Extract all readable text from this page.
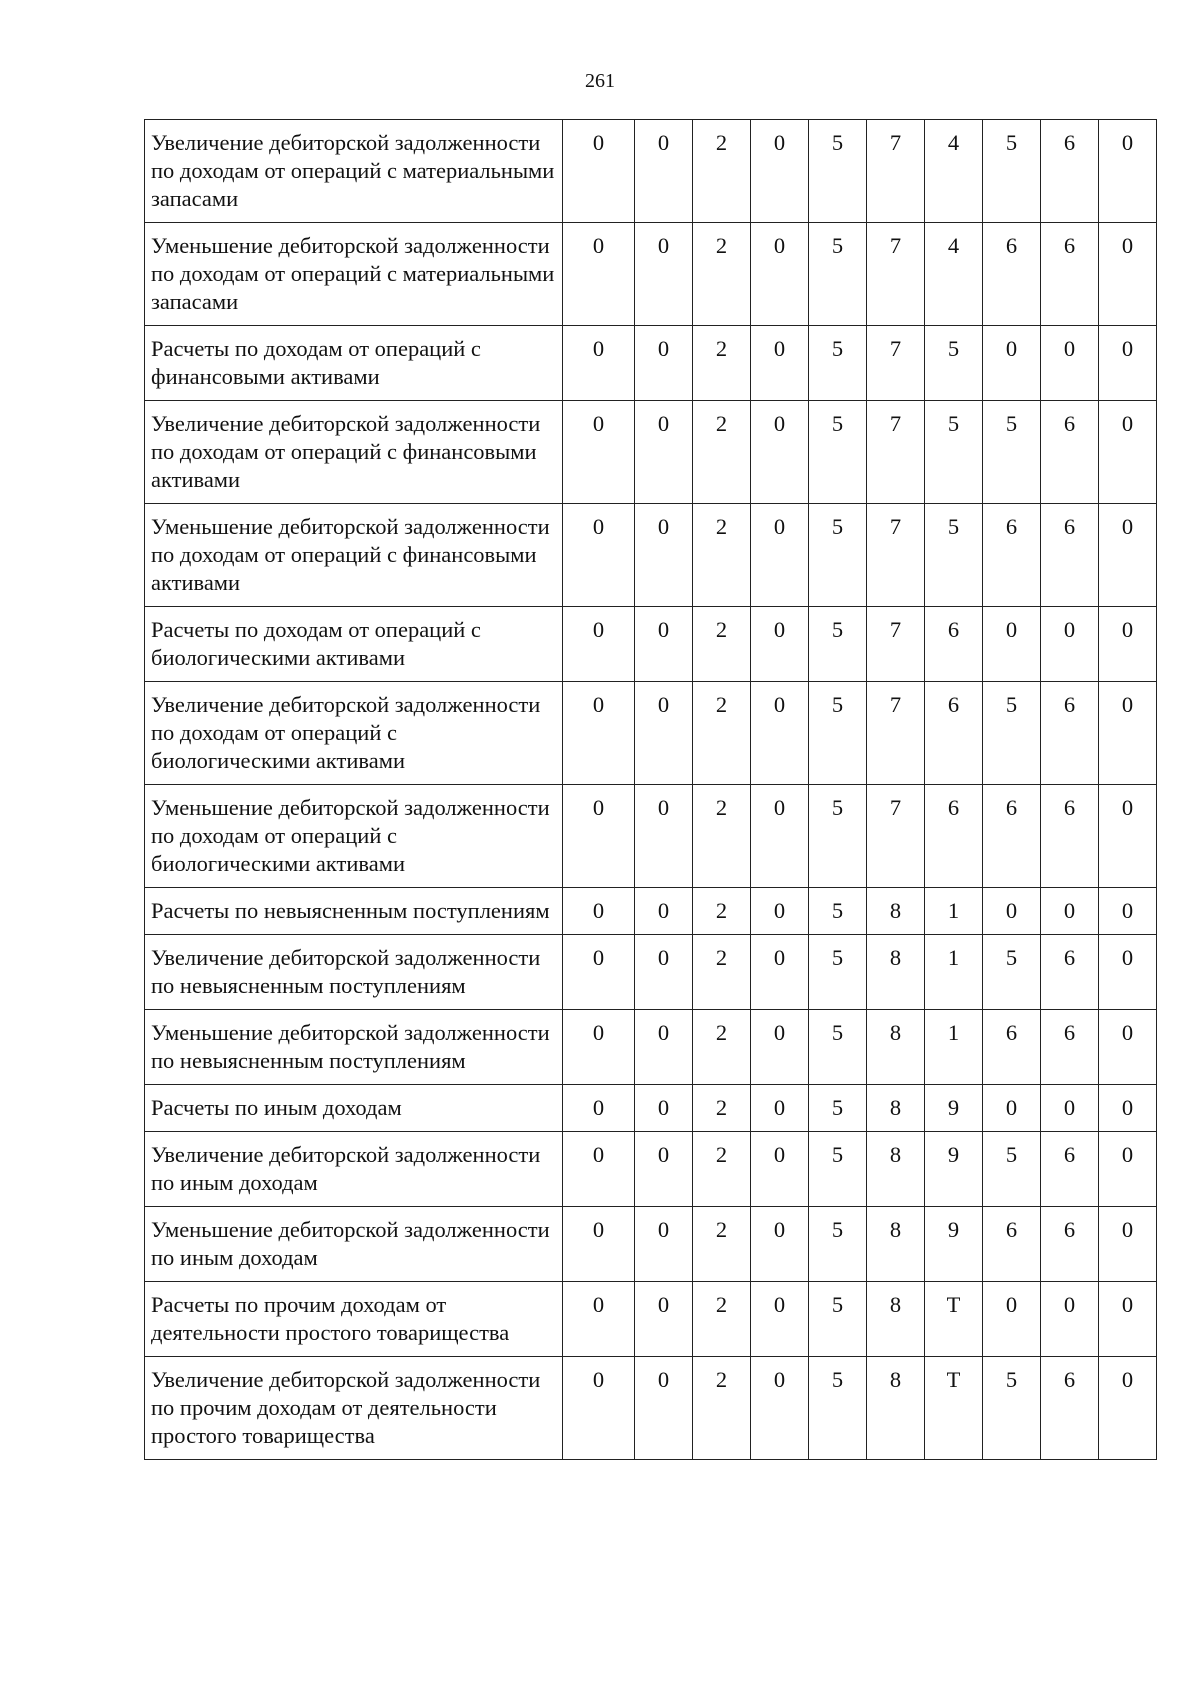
261
Увеличение дебиторской задолженности по доходам от операций с материальными запасами	0	0	2	0	5	7	4	5	6	0
Уменьшение дебиторской задолженности по доходам от операций с материальными запасами	0	0	2	0	5	7	4	6	6	0
Расчеты по доходам от операций с финансовыми активами	0	0	2	0	5	7	5	0	0	0
Увеличение дебиторской задолженности по доходам от операций с финансовыми активами	0	0	2	0	5	7	5	5	6	0
Уменьшение дебиторской задолженности по доходам от операций с финансовыми активами	0	0	2	0	5	7	5	6	6	0
Расчеты по доходам от операций с биологическими активами	0	0	2	0	5	7	6	0	0	0
Увеличение дебиторской задолженности по доходам от операций с биологическими активами	0	0	2	0	5	7	6	5	6	0
Уменьшение дебиторской задолженности по доходам от операций с биологическими активами	0	0	2	0	5	7	6	6	6	0
Расчеты по невыясненным поступлениям	0	0	2	0	5	8	1	0	0	0
Увеличение дебиторской задолженности по невыясненным поступлениям	0	0	2	0	5	8	1	5	6	0
Уменьшение дебиторской задолженности по невыясненным поступлениям	0	0	2	0	5	8	1	6	6	0
Расчеты по иным доходам	0	0	2	0	5	8	9	0	0	0
Увеличение дебиторской задолженности по иным доходам	0	0	2	0	5	8	9	5	6	0
Уменьшение дебиторской задолженности по иным доходам	0	0	2	0	5	8	9	6	6	0
Расчеты по прочим доходам от деятельности простого товарищества	0	0	2	0	5	8	Т	0	0	0
Увеличение дебиторской задолженности по прочим доходам от деятельности простого товарищества	0	0	2	0	5	8	Т	5	6	0
